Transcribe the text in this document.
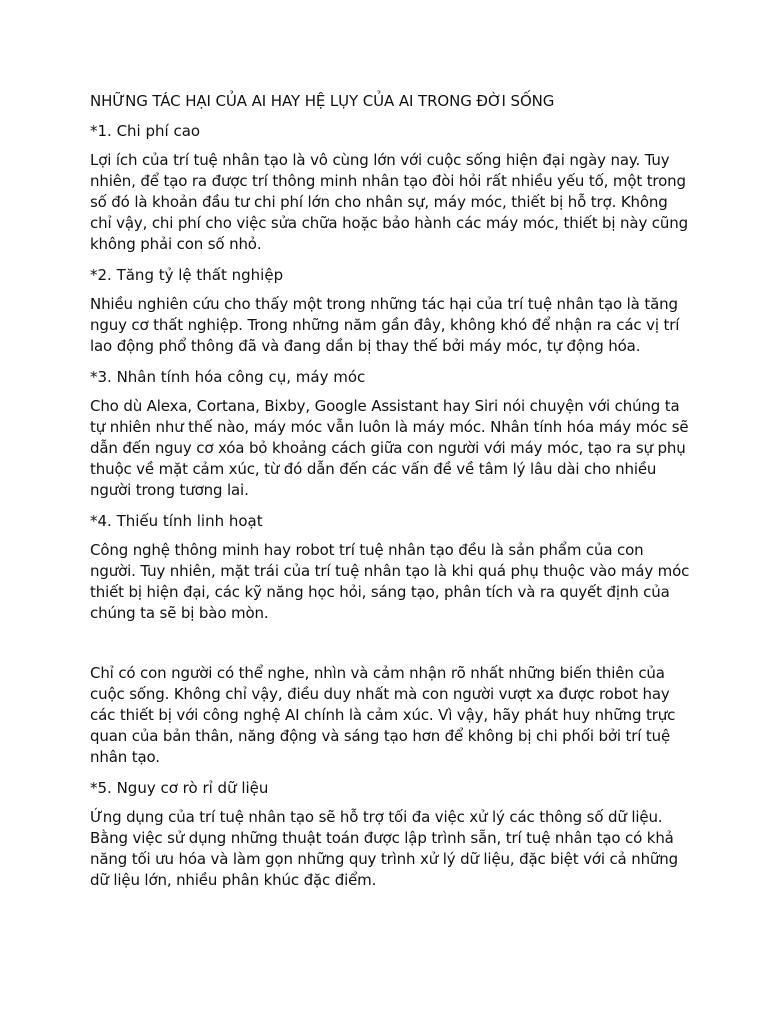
NHỮNG TÁC HẠI CỦA AI HAY HỆ LỤY CỦA AI TRONG ĐỜI SỐNG
*1. Chi phí cao

Lợi ích của trí tuệ nhân tạo là vô cùng lớn với cuộc sống hiện đại ngày nay. Tuy nhiên, để tạo ra được trí thông minh nhân tạo đòi hỏi rất nhiều yếu tố, một trong số đó là khoản đầu tư chi phí lớn cho nhân sự, máy móc, thiết bị hỗ trợ. Không chỉ vậy, chi phí cho việc sửa chữa hoặc bảo hành các máy móc, thiết bị này cũng không phải con số nhỏ.

*2. Tăng tỷ lệ thất nghiệp

Nhiều nghiên cứu cho thấy một trong những tác hại của trí tuệ nhân tạo là tăng nguy cơ thất nghiệp. Trong những năm gần đây, không khó để nhận ra các vị trí lao động phổ thông đã và đang dần bị thay thế bởi máy móc, tự động hóa.

*3. Nhân tính hóa công cụ, máy móc

Cho dù Alexa, Cortana, Bixby, Google Assistant hay Siri nói chuyện với chúng ta tự nhiên như thế nào, máy móc vẫn luôn là máy móc. Nhân tính hóa máy móc sẽ dẫn đến nguy cơ xóa bỏ khoảng cách giữa con người với máy móc, tạo ra sự phụ thuộc về mặt cảm xúc, từ đó dẫn đến các vấn đề về tâm lý lâu dài cho nhiều người trong tương lai.

*4. Thiếu tính linh hoạt

Công nghệ thông minh hay robot trí tuệ nhân tạo đều là sản phẩm của con người. Tuy nhiên, mặt trái của trí tuệ nhân tạo là khi quá phụ thuộc vào máy móc thiết bị hiện đại, các kỹ năng học hỏi, sáng tạo, phân tích và ra quyết định của chúng ta sẽ bị bào mòn.

Chỉ có con người có thể nghe, nhìn và cảm nhận rõ nhất những biến thiên của cuộc sống. Không chỉ vậy, điều duy nhất mà con người vượt xa được robot hay các thiết bị với công nghệ AI chính là cảm xúc. Vì vậy, hãy phát huy những trực quan của bản thân, năng động và sáng tạo hơn để không bị chi phối bởi trí tuệ nhân tạo.

*5. Nguy cơ rò rỉ dữ liệu

Ứng dụng của trí tuệ nhân tạo sẽ hỗ trợ tối đa việc xử lý các thông số dữ liệu. Bằng việc sử dụng những thuật toán được lập trình sẵn, trí tuệ nhân tạo có khả năng tối ưu hóa và làm gọn những quy trình xử lý dữ liệu, đặc biệt với cả những dữ liệu lớn, nhiều phân khúc đặc điểm.
